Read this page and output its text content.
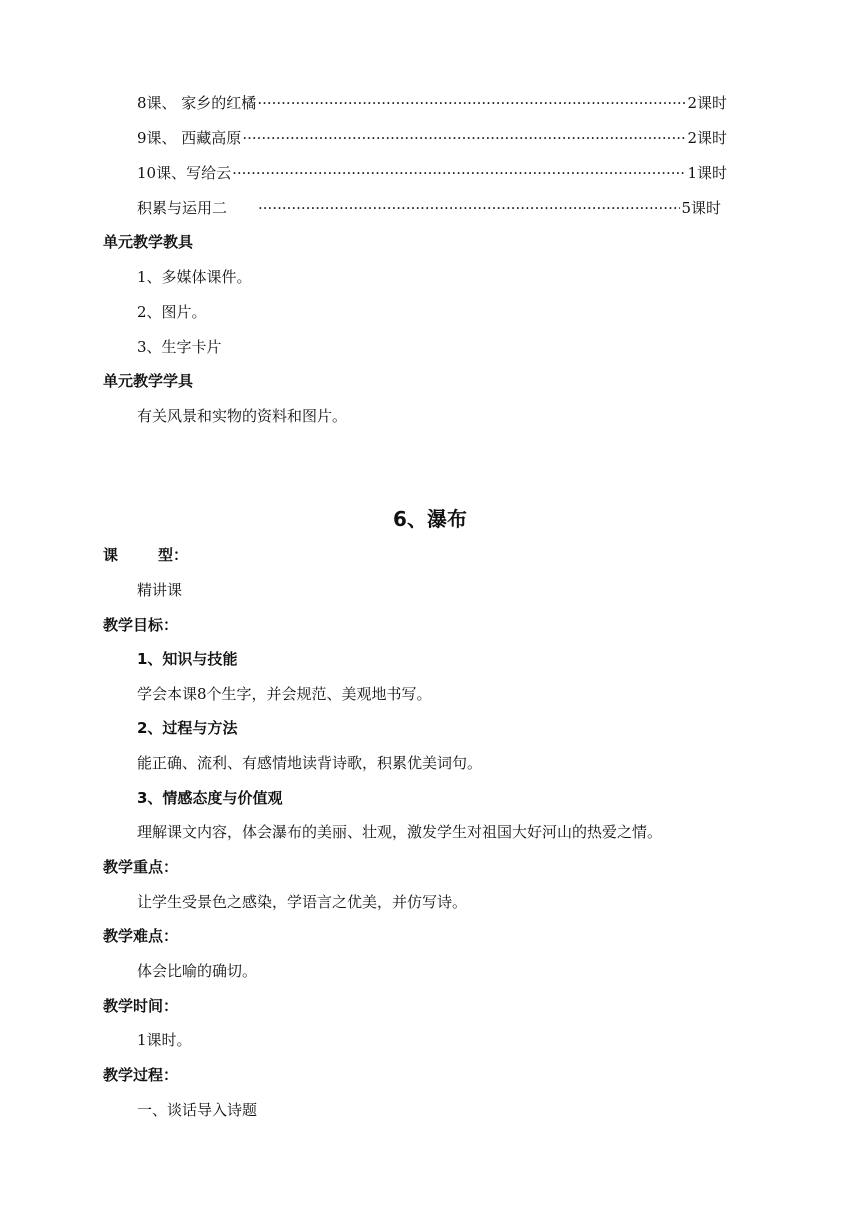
8课、 家乡的红橘 ·····	2课时
9课、 西藏高原 ·····	2课时
10课、写给云 ·····	1课时
积累与运用二 ·····	5课时
单元教学教具
1、多媒体课件。
2、图片。
3、生字卡片
单元教学学具
有关风景和实物的资料和图片。
6、瀑布
课	型：
精讲课
教学目标：
1、知识与技能
学会本课8个生字，并会规范、美观地书写。
2、过程与方法
能正确、流利、有感情地读背诗歌，积累优美词句。
3、情感态度与价值观
理解课文内容，体会瀑布的美丽、壮观，激发学生对祖国大好河山的热爱之情。
教学重点：
让学生受景色之感染，学语言之优美，并仿写诗。
教学难点：
体会比喻的确切。
教学时间：
1课时。
教学过程：
一、谈话导入诗题
